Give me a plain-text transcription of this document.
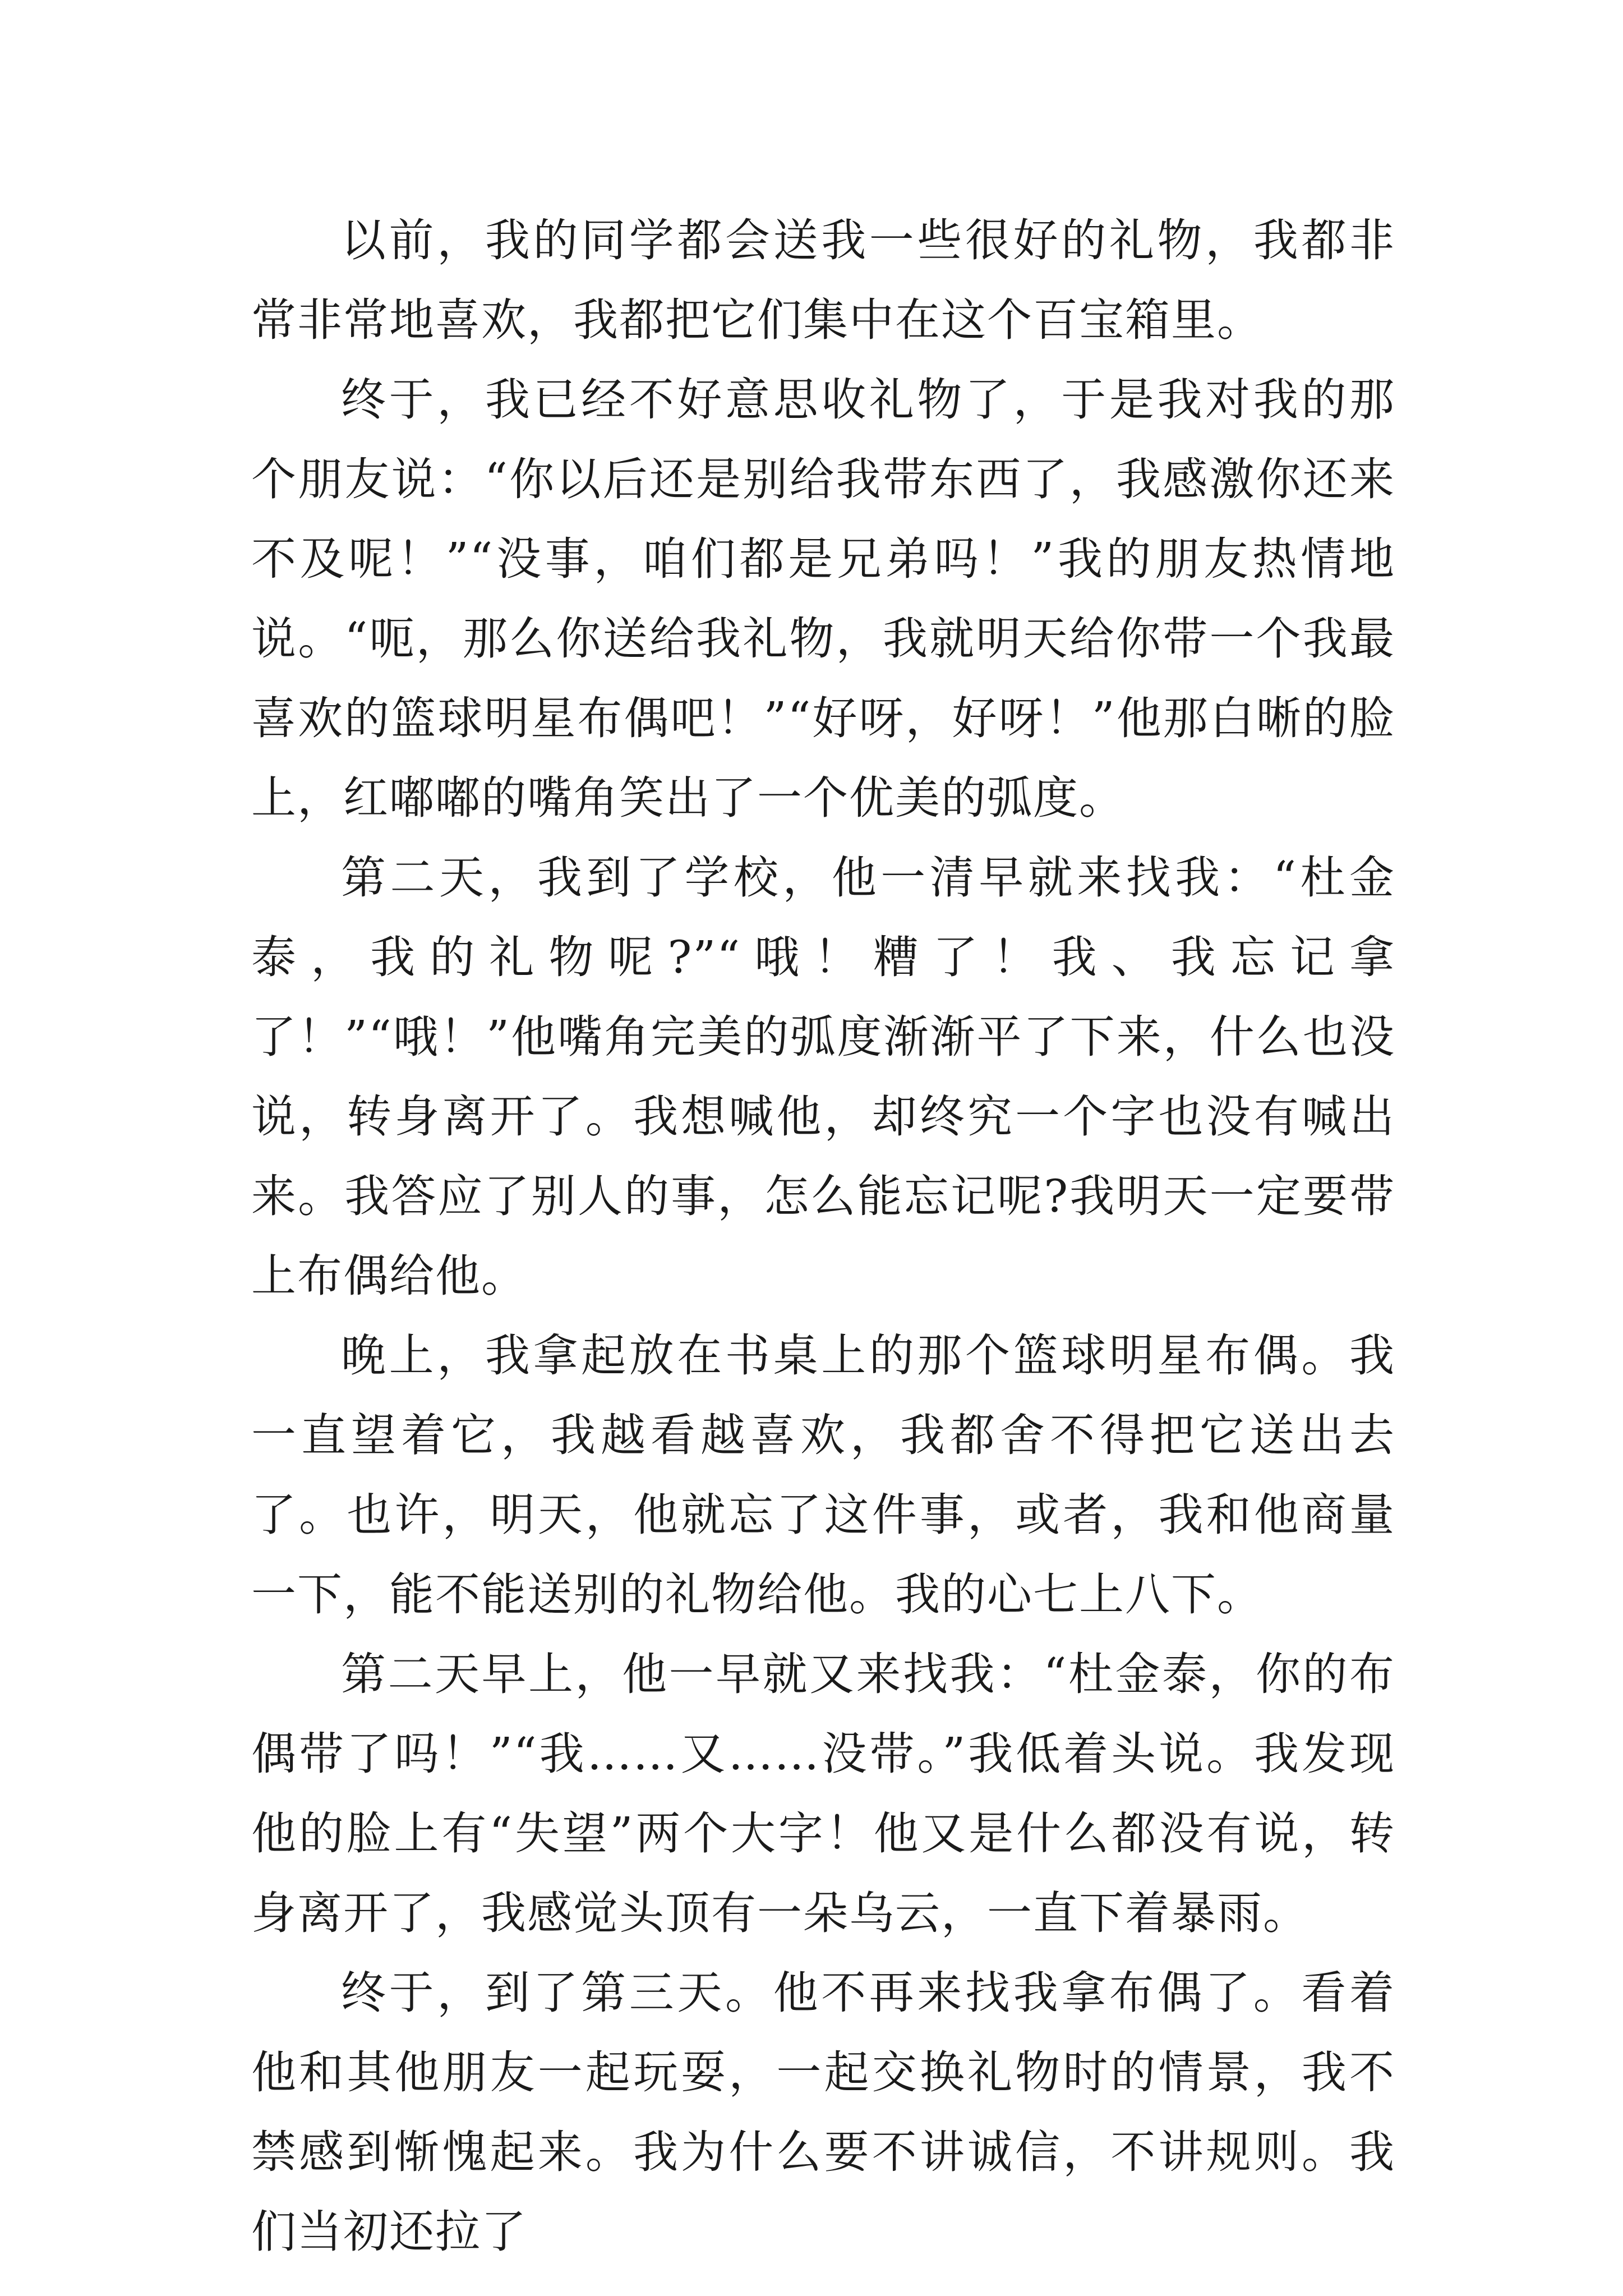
以前，我的同学都会送我一些很好的礼物，我都非常非常地喜欢，我都把它们集中在这个百宝箱里。

终于，我已经不好意思收礼物了，于是我对我的那个朋友说：“你以后还是别给我带东西了，我感激你还来不及呢！”“没事，咱们都是兄弟吗！”我的朋友热情地说。“呃，那么你送给我礼物，我就明天给你带一个我最喜欢的篮球明星布偶吧！”“好呀，好呀！”他那白晰的脸上，红嘟嘟的嘴角笑出了一个优美的弧度。

第二天，我到了学校，他一清早就来找我：“杜金泰，我的礼物呢?”“哦！糟了！我、我忘记拿了！”“哦！”他嘴角完美的弧度渐渐平了下来，什么也没说，转身离开了。我想喊他，却终究一个字也没有喊出来。我答应了别人的事，怎么能忘记呢?我明天一定要带上布偶给他。

晚上，我拿起放在书桌上的那个篮球明星布偶。我一直望着它，我越看越喜欢，我都舍不得把它送出去了。也许，明天，他就忘了这件事，或者，我和他商量一下，能不能送别的礼物给他。我的心七上八下。

第二天早上，他一早就又来找我：“杜金泰，你的布偶带了吗！”“我……又……没带。”我低着头说。我发现他的脸上有“失望”两个大字！他又是什么都没有说，转身离开了，我感觉头顶有一朵乌云，一直下着暴雨。

终于，到了第三天。他不再来找我拿布偶了。看着他和其他朋友一起玩耍，一起交换礼物时的情景，我不禁感到惭愧起来。我为什么要不讲诚信，不讲规则。我们当初还拉了
